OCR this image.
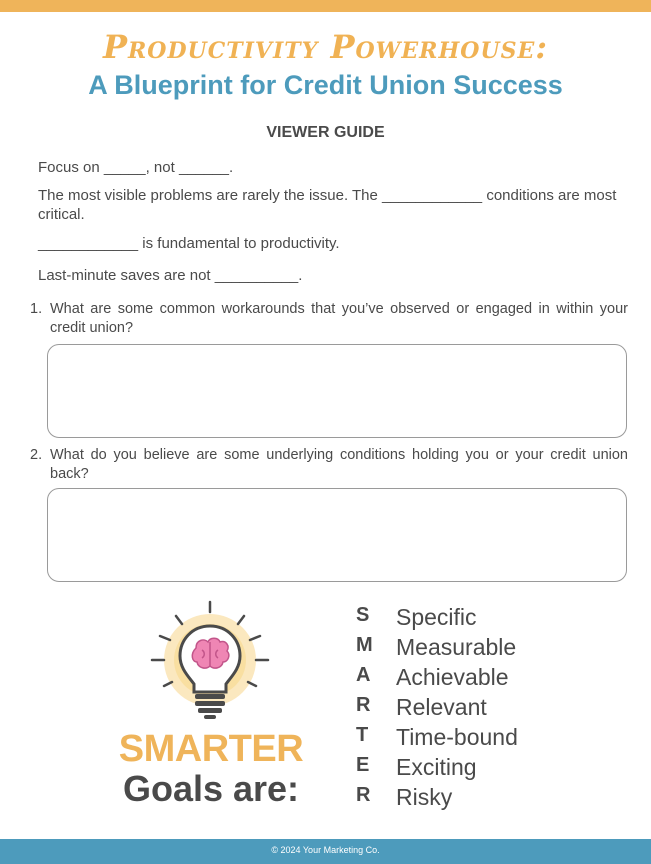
Productivity Powerhouse:
A Blueprint for Credit Union Success
VIEWER GUIDE
Focus on _____, not ______.
The most visible problems are rarely the issue. The ____________ conditions are most critical.
____________ is fundamental to productivity.
Last-minute saves are not __________.
1. What are some common workarounds that you’ve observed or engaged in within your credit union?
2. What do you believe are some underlying conditions holding you or your credit union back?
SMARTER
Goals are:
S	Specific
M Measurable
A	Achievable
R	Relevant
T	Time-bound
E	Exciting
R	Risky
© 2024 Your Marketing Co.
